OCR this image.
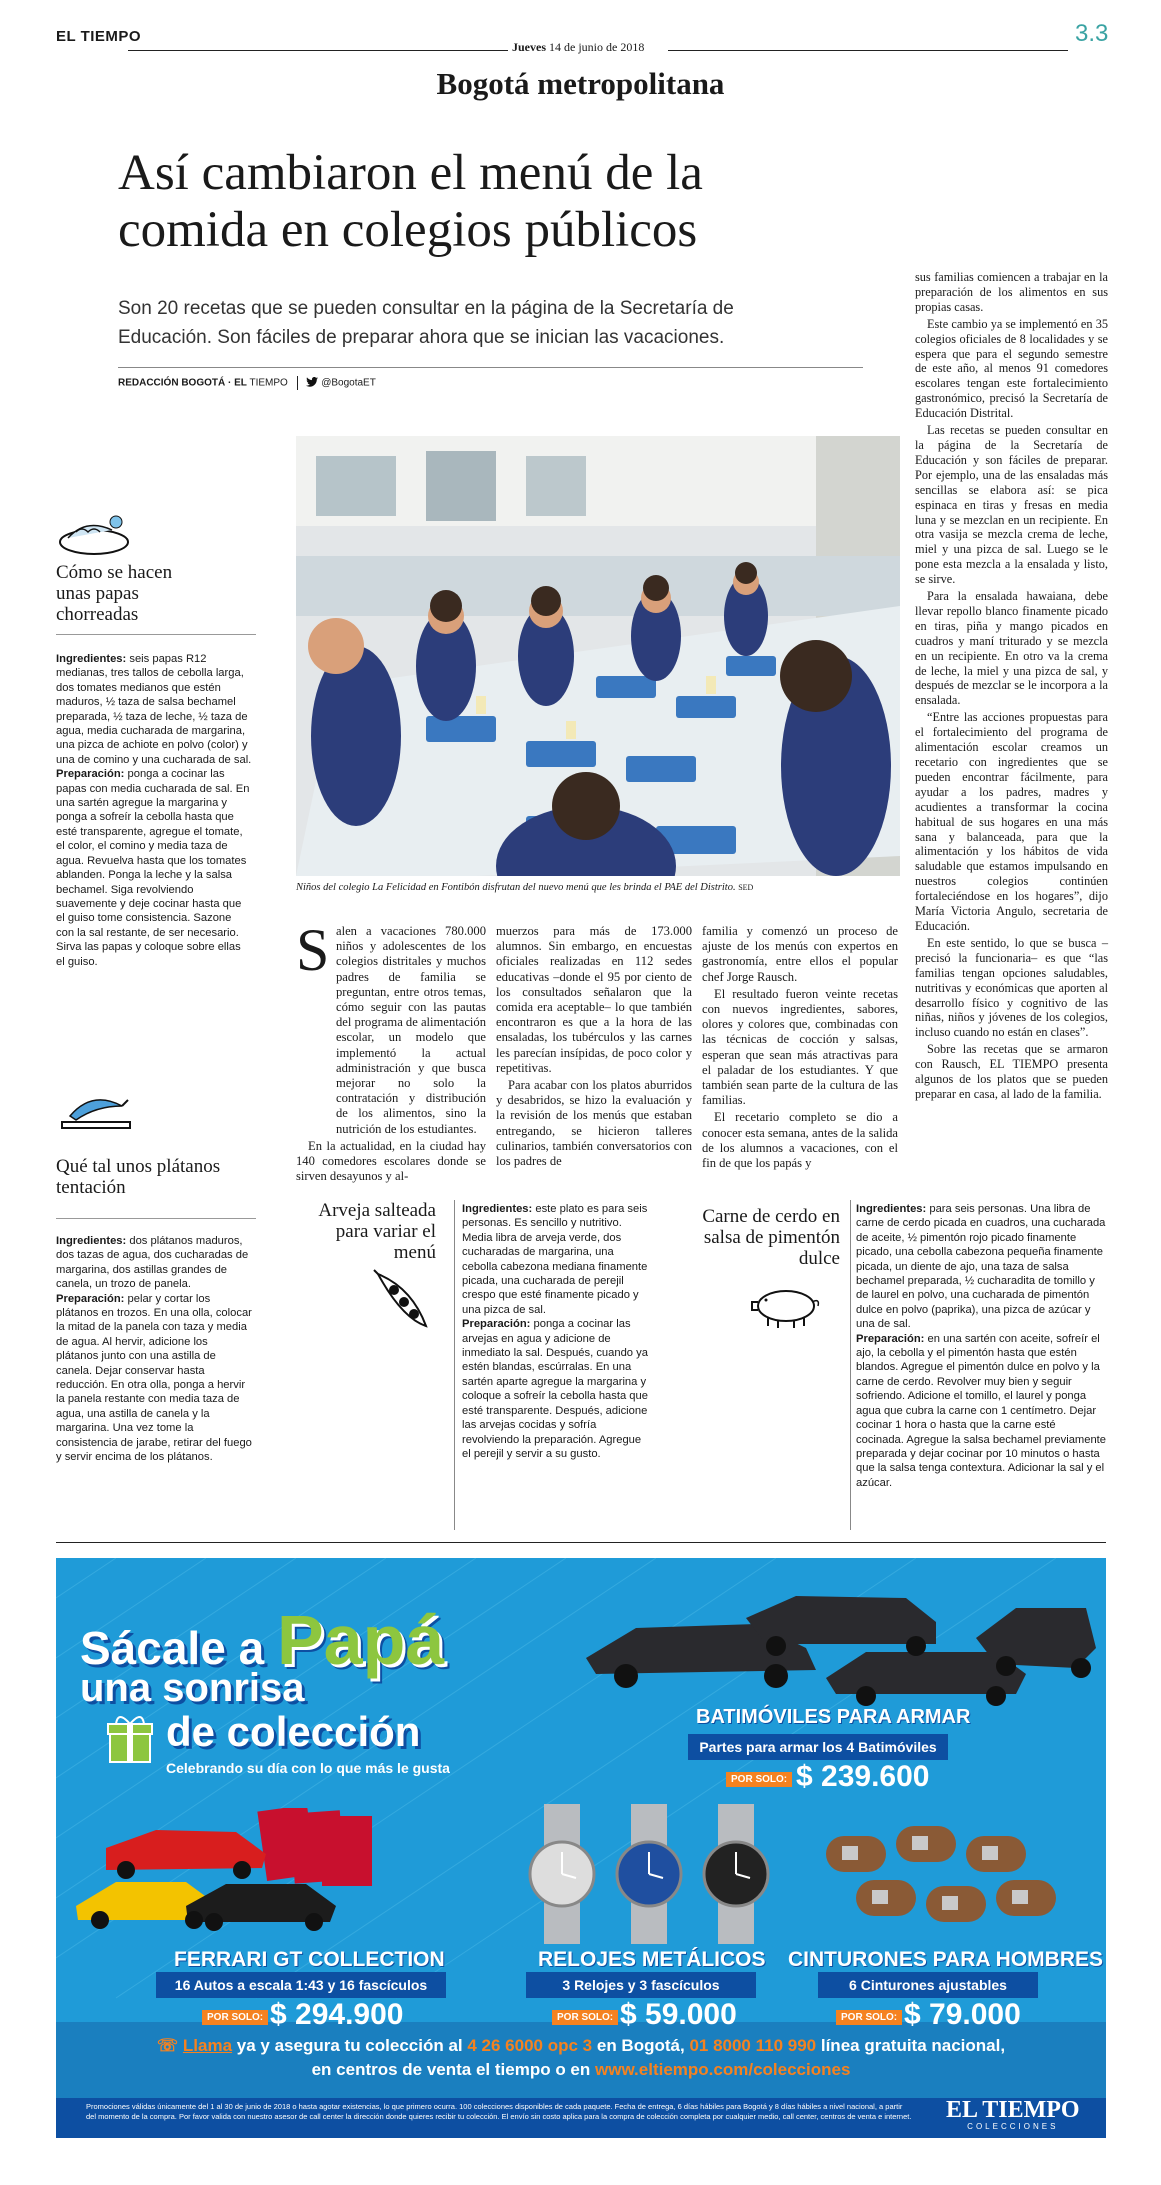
EL TIEMPO
Jueves 14 de junio de 2018	3.3
Bogotá metropolitana
Así cambiaron el menú de la
comida en colegios públicos
Son 20 recetas que se pueden consultar en la página de la Secretaría de
Educación. Son fáciles de preparar ahora que se inician las vacaciones.
REDACCIÓN BOGOTÁ · EL TIEMPO	@BogotaET
Niños del colegio La Felicidad en Fontibón disfrutan del nuevo menú que les brinda el PAE del Distrito. SED
S alen a vacaciones 780.000 niños y adolescentes de los colegios distritales y muchos padres de familia se preguntan, entre otros temas, cómo seguir con las pautas del programa de alimentación escolar, un modelo que implementó la actual administración y que busca mejorar no solo la contratación y distribución de los alimentos, sino la nutrición de los estudiantes.

En la actualidad, en la ciudad hay 140 comedores escolares donde se sirven desayunos y al-

muerzos para más de 173.000 alumnos. Sin embargo, en encuestas oficiales realizadas en 112 sedes educativas –donde el 95 por ciento de los consultados señalaron que la comida era aceptable– lo que también encontraron es que a la hora de las ensaladas, los tubérculos y las carnes les parecían insípidas, de poco color y repetitivas.

Para acabar con los platos aburridos y desabridos, se hizo la evaluación y la revisión de los menús que estaban entregando, se hicieron talleres culinarios, también conversatorios con los padres de

familia y comenzó un proceso de ajuste de los menús con expertos en gastronomía, entre ellos el popular chef Jorge Rausch.

El resultado fueron veinte recetas con nuevos ingredientes, sabores, olores y colores que, combinadas con las técnicas de cocción y salsas, esperan que sean más atractivas para el paladar de los estudiantes. Y que también sean parte de la cultura de las familias.

El recetario completo se dio a conocer esta semana, antes de la salida de los alumnos a vacaciones, con el fin de que los papás y

sus familias comiencen a trabajar en la preparación de los alimentos en sus propias casas.

Este cambio ya se implementó en 35 colegios oficiales de 8 localidades y se espera que para el segundo semestre de este año, al menos 91 comedores escolares tengan este fortalecimiento gastronómico, precisó la Secretaría de Educación Distrital.

Las recetas se pueden consultar en la página de la Secretaría de Educación y son fáciles de preparar. Por ejemplo, una de las ensaladas más sencillas se elabora así: se pica espinaca en tiras y fresas en media luna y se mezclan en un recipiente. En otra vasija se mezcla crema de leche, miel y una pizca de sal. Luego se le pone esta mezcla a la ensalada y listo, se sirve.

Para la ensalada hawaiana, debe llevar repollo blanco finamente picado en tiras, piña y mango picados en cuadros y maní triturado y se mezcla en un recipiente. En otro va la crema de leche, la miel y una pizca de sal, y después de mezclar se le incorpora a la ensalada.

“Entre las acciones propuestas para el fortalecimiento del programa de alimentación escolar creamos un recetario con ingredientes que se pueden encontrar fácilmente, para ayudar a los padres, madres y acudientes a transformar la cocina habitual de sus hogares en una más sana y balanceada, para que la alimentación y los hábitos de vida saludable que estamos impulsando en nuestros colegios continúen fortaleciéndose en los hogares”, dijo María Victoria Angulo, secretaria de Educación.

En este sentido, lo que se busca –precisó la funcionaria– es que “las familias tengan opciones saludables, nutritivas y económicas que aporten al desarrollo físico y cognitivo de las niñas, niños y jóvenes de los colegios, incluso cuando no están en clases”.

Sobre las recetas que se armaron con Rausch, EL TIEMPO presenta algunos de los platos que se pueden preparar en casa, al lado de la familia.

Cómo se hacen unas papas chorreadas

Ingredientes: seis papas R12 medianas, tres tallos de cebolla larga, dos tomates medianos que estén maduros, ½ taza de salsa bechamel preparada, ½ taza de leche, ½ taza de agua, media cucharada de margarina, una pizca de achiote en polvo (color) y una de comino y una cucharada de sal.

Preparación: ponga a cocinar las papas con media cucharada de sal. En una sartén agregue la margarina y ponga a sofreír la cebolla hasta que esté transparente, agregue el tomate, el color, el comino y media taza de agua. Revuelva hasta que los tomates ablanden. Ponga la leche y la salsa bechamel. Siga revolviendo suavemente y deje cocinar hasta que el guiso tome consistencia. Sazone con la sal restante, de ser necesario. Sirva las papas y coloque sobre ellas el guiso.

Qué tal unos plátanos tentación

Ingredientes: dos plátanos maduros, dos tazas de agua, dos cucharadas de margarina, dos astillas grandes de canela, un trozo de panela.

Preparación: pelar y cortar los plátanos en trozos. En una olla, colocar la mitad de la panela con taza y media de agua. Al hervir, adicione los plátanos junto con una astilla de canela. Dejar conservar hasta reducción. En otra olla, ponga a hervir la panela restante con media taza de agua, una astilla de canela y la margarina. Una vez tome la consistencia de jarabe, retirar del fuego y servir encima de los plátanos.

Arveja salteada para variar el menú

Ingredientes: este plato es para seis personas. Es sencillo y nutritivo. Media libra de arveja verde, dos cucharadas de margarina, una cebolla cabezona mediana finamente picada, una cucharada de perejil crespo que esté finamente picado y una pizca de sal.

Preparación: ponga a cocinar las arvejas en agua y adicione de inmediato la sal. Después, cuando ya estén blandas, escúrralas. En una sartén aparte agregue la margarina y coloque a sofreír la cebolla hasta que esté transparente. Después, adicione las arvejas cocidas y sofría revolviendo la preparación. Agregue el perejil y servir a su gusto.

Carne de cerdo en salsa de pimentón dulce

Ingredientes: para seis personas. Una libra de carne de cerdo picada en cuadros, una cucharada de aceite, ½ pimentón rojo picado finamente picado, una cebolla cabezona pequeña finamente picada, un diente de ajo, una taza de salsa bechamel preparada, ½ cucharadita de tomillo y de laurel en polvo, una cucharada de pimentón dulce en polvo (paprika), una pizca de azúcar y una de sal.

Preparación: en una sartén con aceite, sofreír el ajo, la cebolla y el pimentón hasta que estén blandos. Agregue el pimentón dulce en polvo y la carne de cerdo. Revolver muy bien y seguir sofriendo. Adicione el tomillo, el laurel y ponga agua que cubra la carne con 1 centímetro. Dejar cocinar 1 hora o hasta que la carne esté cocinada. Agregue la salsa bechamel previamente preparada y dejar cocinar por 10 minutos o hasta que la salsa tenga contextura. Adicionar la sal y el azúcar.

Sácale a Papá
una sonrisa
de colección
Celebrando su día con lo que más le gusta
BATIMÓVILES PARA ARMAR
Partes para armar los 4 Batimóviles
POR SOLO: $ 239.600
FERRARI GT COLLECTION
16 Autos a escala 1:43 y 16 fascículos
POR SOLO: $ 294.900
RELOJES METÁLICOS
3 Relojes y 3 fascículos
POR SOLO: $ 59.000
CINTURONES PARA HOMBRES
6 Cinturones ajustables
POR SOLO: $ 79.000
☏ Llama ya y asegura tu colección al 4 26 6000 opc 3 en Bogotá, 01 8000 110 990 línea gratuita nacional,
en centros de venta el tiempo o en www.eltiempo.com/colecciones
Promociones válidas únicamente del 1 al 30 de junio de 2018 o hasta agotar existencias, lo que primero ocurra. 100 colecciones disponibles de cada paquete. Fecha de entrega, 6 días hábiles para Bogotá y 8 días hábiles a nivel nacional, a partir
del momento de la compra. Por favor valida con nuestro asesor de call center la dirección donde quieres recibir tu colección. El envío sin costo aplica para la compra de colección completa por cualquier medio, call center, centros de venta e internet.	EL TIEMPO
COLECCIONES
